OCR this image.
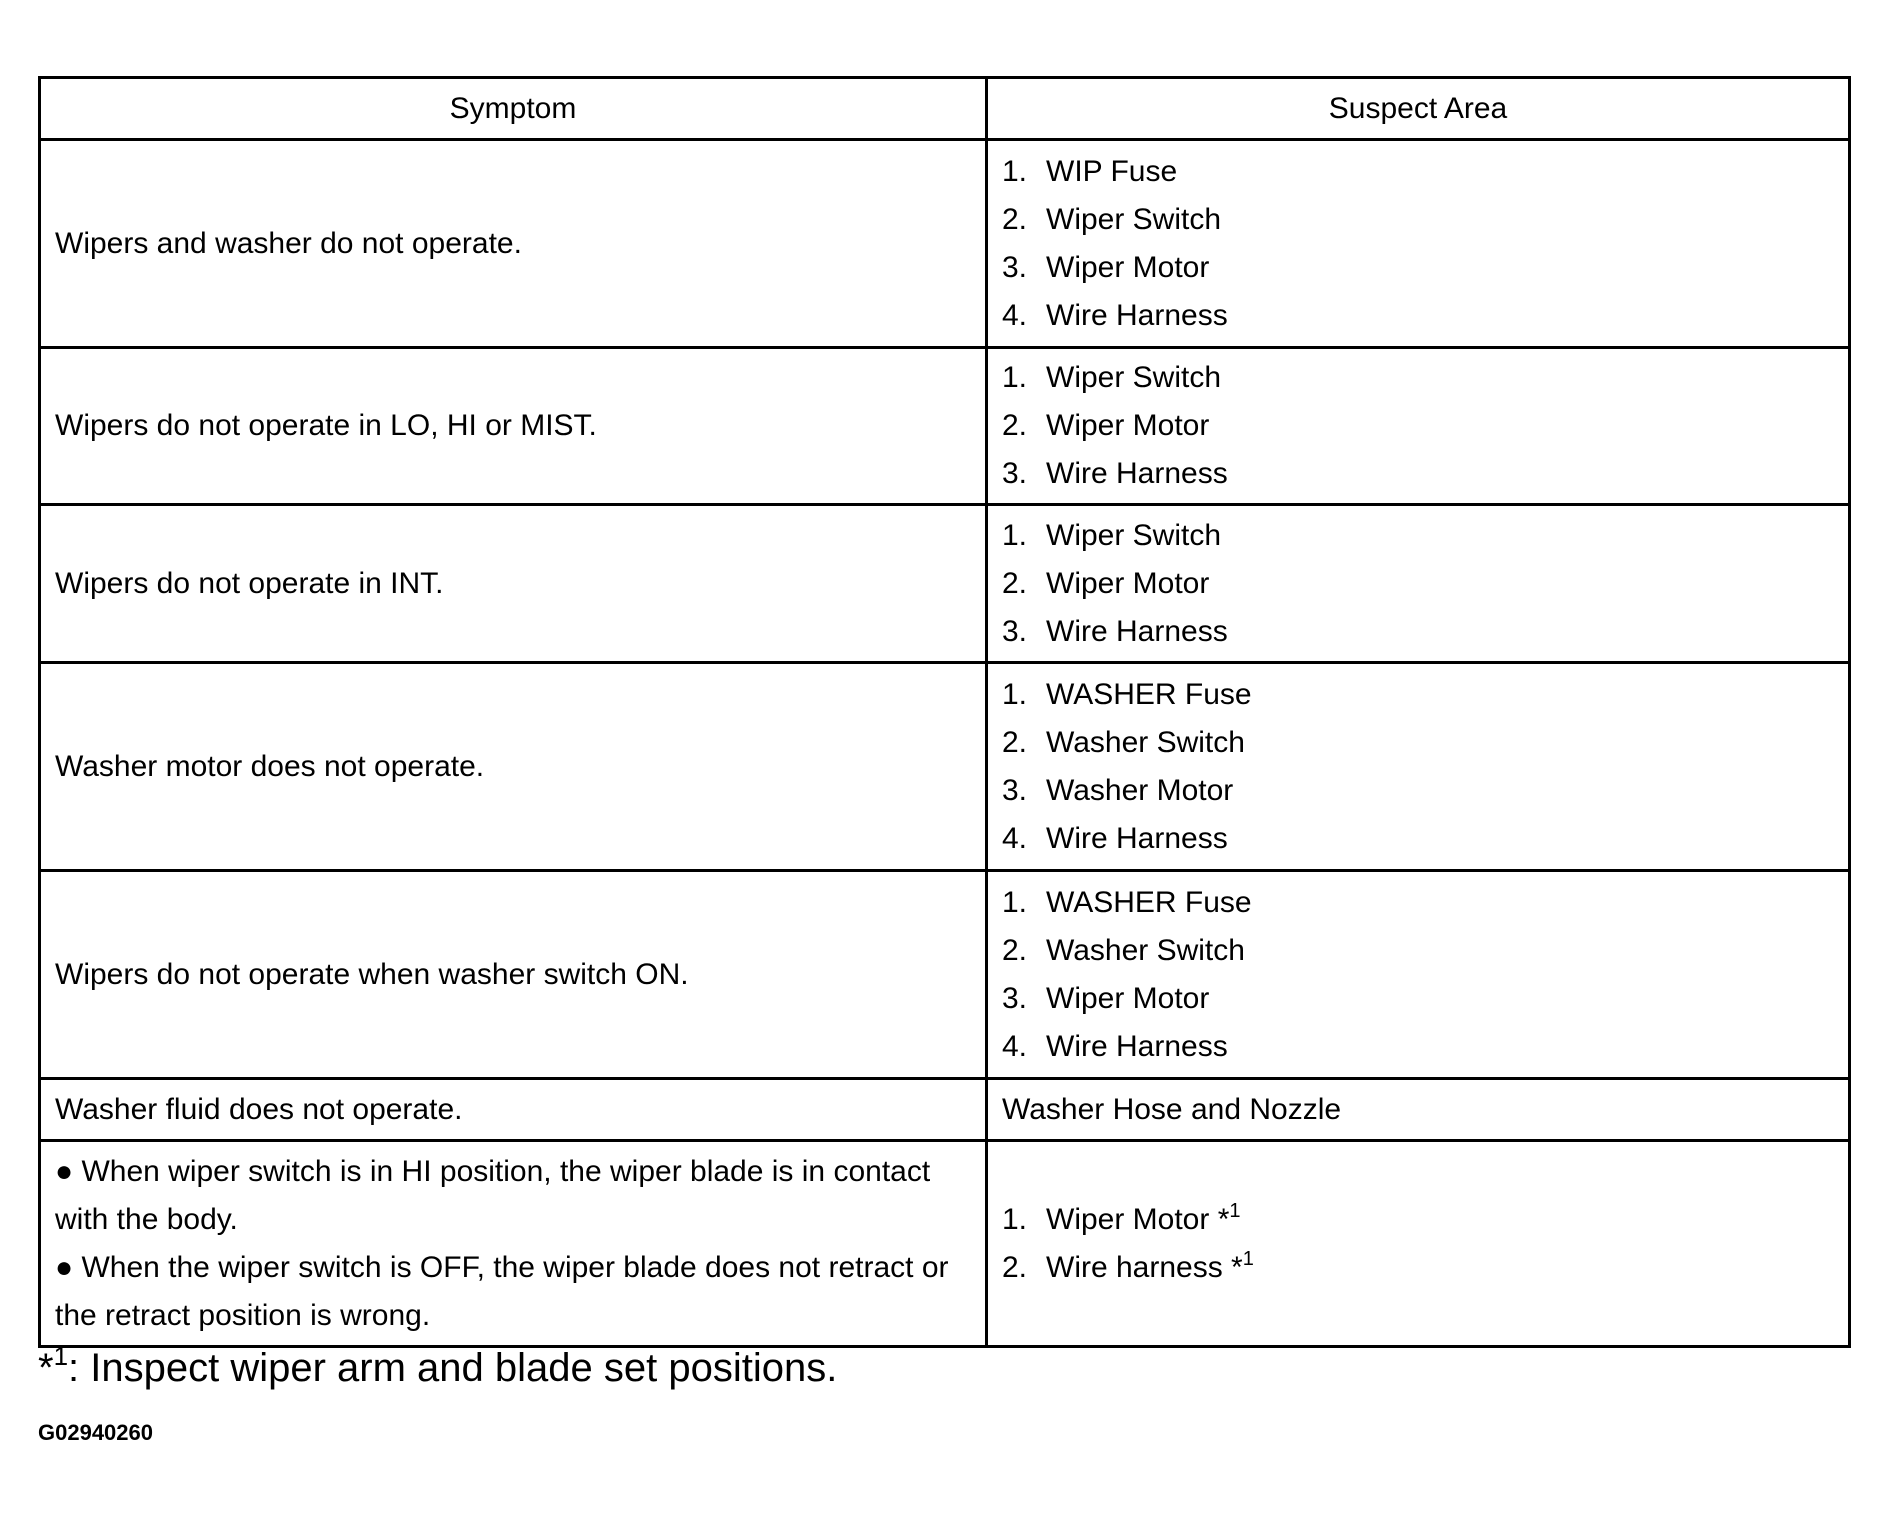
Symptom	Suspect Area

Wipers and washer do not operate.	1. WIP Fuse
2. Wiper Switch
3. Wiper Motor
4. Wire Harness

Wipers do not operate in LO, HI or MIST.	1. Wiper Switch
2. Wiper Motor
3. Wire Harness

Wipers do not operate in INT.	1. Wiper Switch
2. Wiper Motor
3. Wire Harness

Washer motor does not operate.	1. WASHER Fuse
2. Washer Switch
3. Washer Motor
4. Wire Harness

Wipers do not operate when washer switch ON.	1. WASHER Fuse
2. Washer Switch
3. Wiper Motor
4. Wire Harness

Washer fluid does not operate.	Washer Hose and Nozzle

● When wiper switch is in HI position, the wiper blade is in contact with the body.
● When the wiper switch is OFF, the wiper blade does not retract or the retract position is wrong.	1. Wiper Motor *$^1$
2. Wire harness *$^1$
*$^1$: Inspect wiper arm and blade set positions.
G02940260
